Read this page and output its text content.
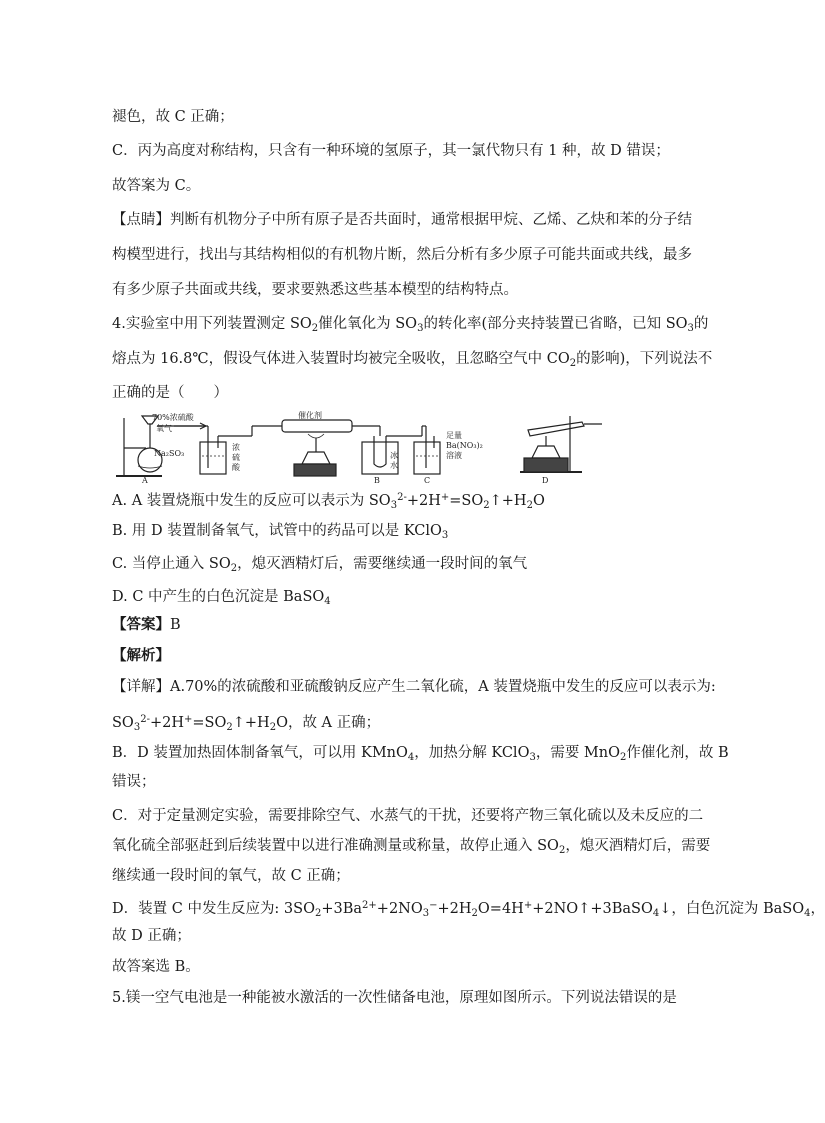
褪色，故 C 正确；
C．丙为高度对称结构，只含有一种环境的氢原子，其一氯代物只有 1 种，故 D 错误；
故答案为 C。
【点睛】判断有机物分子中所有原子是否共面时，通常根据甲烷、乙烯、乙炔和苯的分子结
构模型进行，找出与其结构相似的有机物片断，然后分析有多少原子可能共面或共线，最多
有多少原子共面或共线，要求要熟悉这些基本模型的结构特点。
4.实验室中用下列装置测定 $SO_2$催化氧化为 $SO_3$的转化率(部分夹持装置已省略，已知 $SO_3$的
熔点为 16.8℃，假设气体进入装置时均被完全吸收，且忽略空气中 $CO_2$的影响)，下列说法不
正确的是（　　）
70%浓硫酸
氧气
Na₂SO₃
催化剂
浓
硫
酸
冰
水
足量
Ba(NO₃)₂
溶液
A	B	C	D
A. A 装置烧瓶中发生的反应可以表示为 $SO_3^{2-}+2H^+=SO_2↑+H_2O$
B. 用 D 装置制备氧气，试管中的药品可以是 KClO$_3$
C. 当停止通入 $SO_2$，熄灭酒精灯后，需要继续通一段时间的氧气
D. C 中产生的白色沉淀是 BaSO$_4$
【答案】B
【解析】
【详解】A.70%的浓硫酸和亚硫酸钠反应产生二氧化硫，A 装置烧瓶中发生的反应可以表示为:
$SO_3^{2-}+2H^+=SO_2↑+H_2O$，故 A 正确；
B．D 装置加热固体制备氧气，可以用 KMnO$_4$，加热分解 KClO$_3$，需要 MnO$_2$作催化剂，故 B
错误；
C．对于定量测定实验，需要排除空气、水蒸气的干扰，还要将产物三氧化硫以及未反应的二
氧化硫全部驱赶到后续装置中以进行准确测量或称量，故停止通入 $SO_2$，熄灭酒精灯后，需要
继续通一段时间的氧气，故 C 正确；
D．装置 C 中发生反应为: $3SO_2+3Ba^{2+}+2NO_3^-+2H_2O=4H^++2NO↑+3BaSO_4↓$，白色沉淀为 BaSO$_4$，
故 D 正确；
故答案选 B。
5.镁一空气电池是一种能被水激活的一次性储备电池，原理如图所示。下列说法错误的是
